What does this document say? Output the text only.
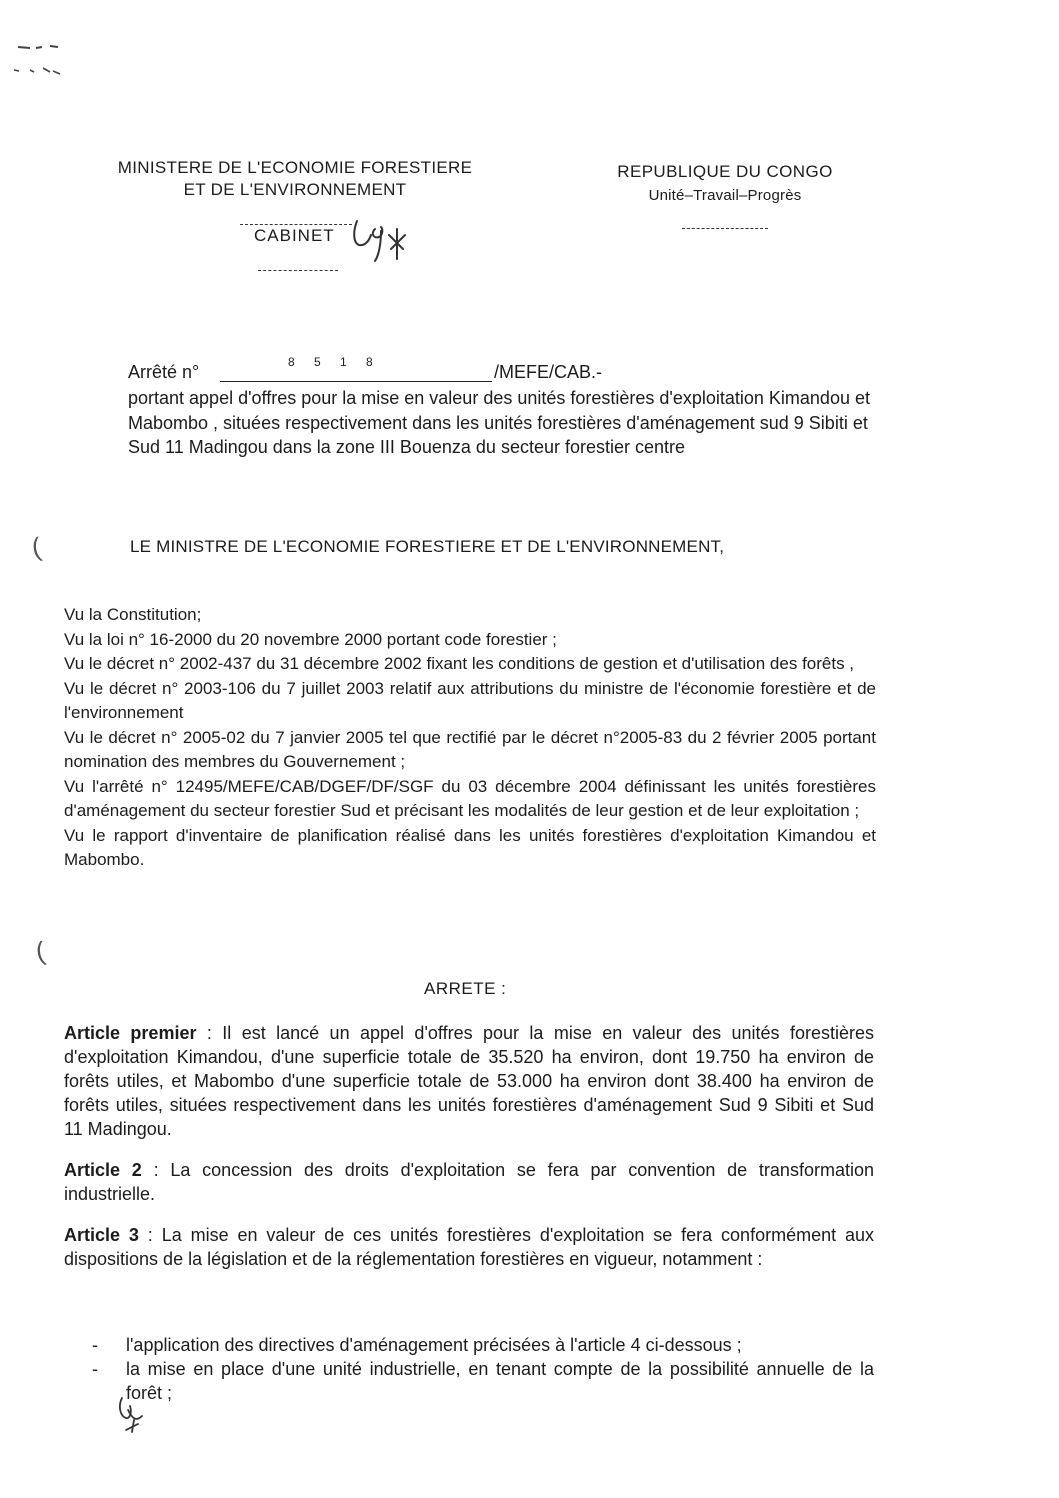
MINISTERE DE L'ECONOMIE FORESTIERE
ET DE L'ENVIRONNEMENT
CABINET
REPUBLIQUE DU CONGO
Unité–Travail–Progrès
Arrêté n°	8 5 1 8	/MEFE/CAB.-
portant appel d'offres pour la mise en valeur des unités forestières d'exploitation Kimandou et Mabombo , situées respectivement dans les unités forestières d'aménagement sud 9 Sibiti et Sud 11 Madingou dans la zone III Bouenza du secteur forestier centre
(	LE MINISTRE DE L'ECONOMIE FORESTIERE ET DE L'ENVIRONNEMENT,

Vu la Constitution;

Vu la loi n° 16-2000 du 20 novembre 2000 portant code forestier ;

Vu le décret n° 2002-437 du 31 décembre 2002 fixant les conditions de gestion et d'utilisation des forêts ,

Vu le décret n° 2003-106 du 7 juillet 2003 relatif aux attributions du ministre de l'économie forestière et de l'environnement

Vu le décret n° 2005-02 du 7 janvier 2005 tel que rectifié par le décret n°2005-83 du 2 février 2005 portant nomination des membres du Gouvernement ;

Vu l'arrêté n° 12495/MEFE/CAB/DGEF/DF/SGF du 03 décembre 2004 définissant les unités forestières d'aménagement du secteur forestier Sud et précisant les modalités de leur gestion et de leur exploitation ;

Vu le rapport d'inventaire de planification réalisé dans les unités forestières d'exploitation Kimandou et Mabombo.

(
ARRETE :

Article premier : Il est lancé un appel d'offres pour la mise en valeur des unités forestières d'exploitation Kimandou, d'une superficie totale de 35.520 ha environ, dont 19.750 ha environ de forêts utiles, et Mabombo d'une superficie totale de 53.000 ha environ dont 38.400 ha environ de forêts utiles, situées respectivement dans les unités forestières d'aménagement Sud 9 Sibiti et Sud 11 Madingou.

Article 2 : La concession des droits d'exploitation se fera par convention de transformation industrielle.

Article 3 : La mise en valeur de ces unités forestières d'exploitation se fera conformément aux dispositions de la législation et de la réglementation forestières en vigueur, notamment :

- l'application des directives d'aménagement précisées à l'article 4 ci-dessous ;
- la mise en place d'une unité industrielle, en tenant compte de la possibilité annuelle de la forêt ;
